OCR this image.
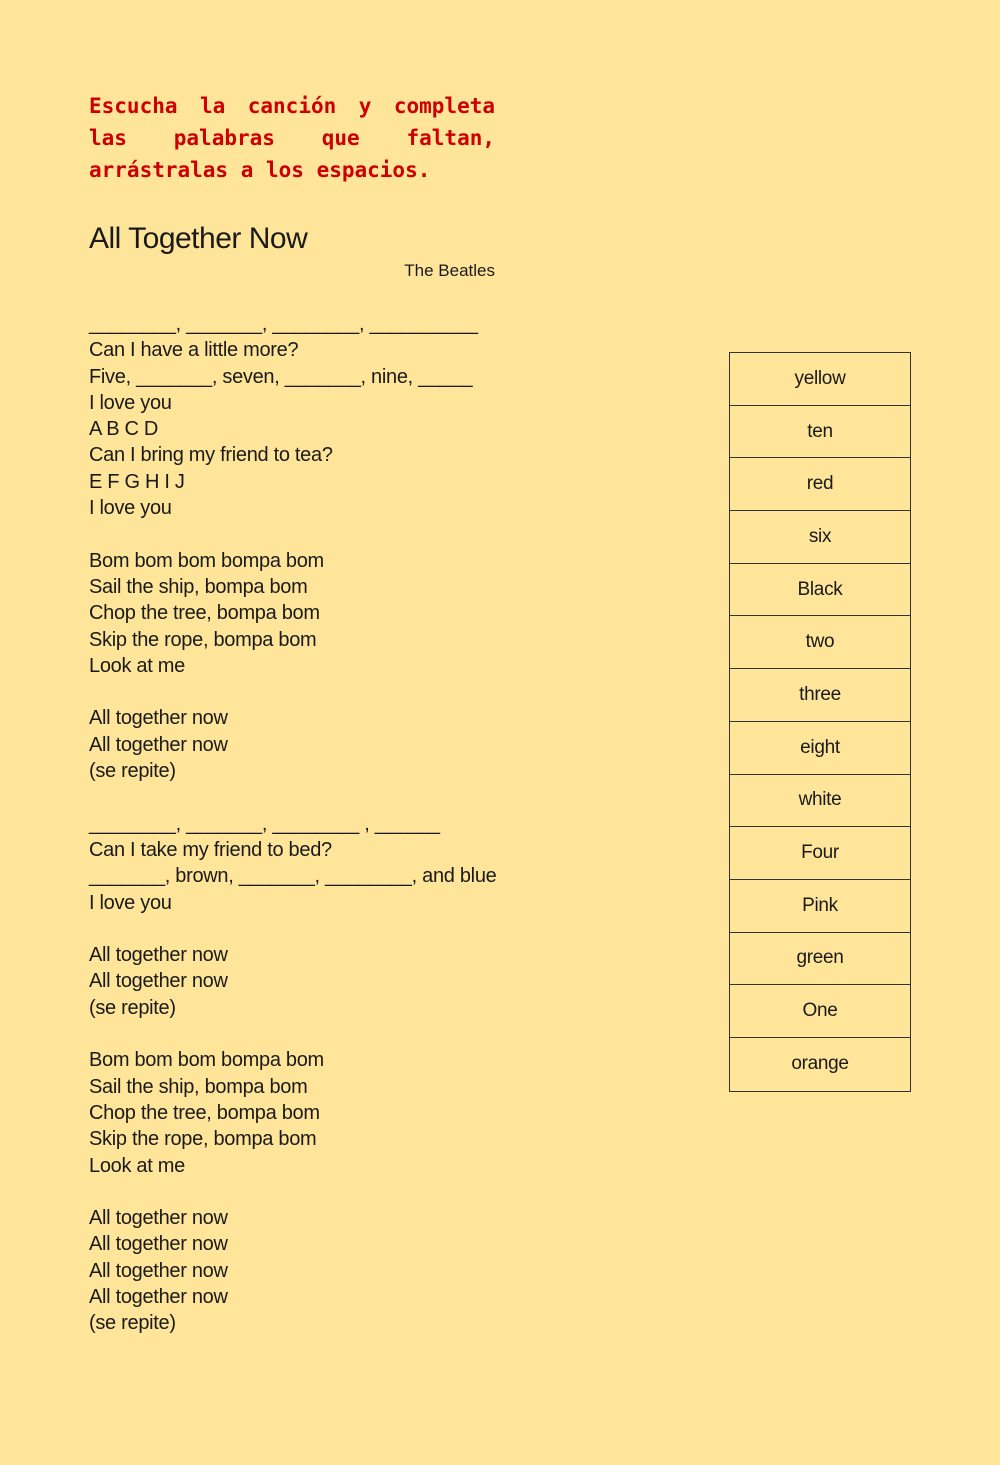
Escucha la canción y completa las palabras que faltan, arrástralas a los espacios.

All Together Now
The Beatles
________, _______, ________, __________
Can I have a little more?
Five, _______, seven, _______, nine, _____
I love you
A B C D
Can I bring my friend to tea?
E F G H I J
I love you
Bom bom bom bompa bom
Sail the ship, bompa bom
Chop the tree, bompa bom
Skip the rope, bompa bom
Look at me
All together now
All together now
(se repite)
________, _______, ________ , ______
Can I take my friend to bed?
_______, brown, _______, ________, and blue
I love you
All together now
All together now
(se repite)
Bom bom bom bompa bom
Sail the ship, bompa bom
Chop the tree, bompa bom
Skip the rope, bompa bom
Look at me
All together now
All together now
All together now
All together now
(se repite)
yellow
ten
red
six
Black
two
three
eight
white
Four
Pink
green
One
orange
